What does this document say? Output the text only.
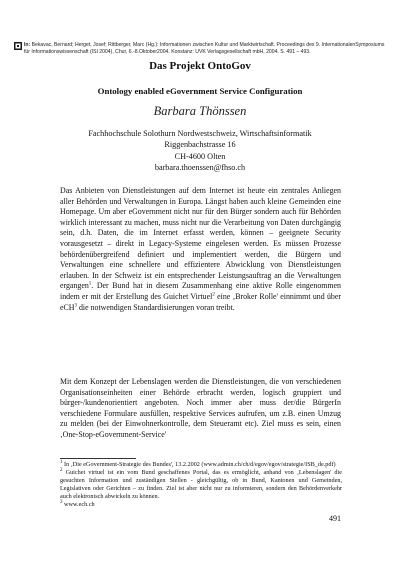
In: Bekavac, Bernard; Herget, Josef; Rittberger, Marc (Hg.): Informationen zwischen Kultur und Marktwirtschaft. Proceedings des 9. InternationalenSymposiums für Informationswissenschaft (ISI 2004), Chur, 6.-8.Oktober2004. Konstanz: UVK Verlagsgesellschaft mbH, 2004. S. 491 – 493.
Das Projekt OntoGov
Ontology enabled eGovernment Service Configuration
Barbara Thönssen
Fachhochschule Solothurn Nordwestschweiz, Wirtschaftsinformatik
Riggenbachstrasse 16
CH-4600 Olten
barbara.thoenssen@fhso.ch
Das Anbieten von Dienstleistungen auf dem Internet ist heute ein zentrales Anliegen aller Behörden und Verwaltungen in Europa. Längst haben auch kleine Gemeinden eine Homepage. Um aber eGovernment nicht nur für den Bürger sondern auch für Behörden wirklich interessant zu machen, muss nicht nur die Verarbeitung von Daten durchgängig sein, d.h. Daten, die im Internet erfasst werden, können – geeignete Security vorausgesetzt – direkt in Legacy-Systeme eingelesen werden. Es müssen Prozesse behördenübergreifend definiert und implementiert werden, die Bürgern und Verwaltungen eine schnellere und effizientere Abwicklung von Dienstleistungen erlauben. In der Schweiz ist ein entsprechender Leistungsauftrag an die Verwaltungen ergangen$^1$. Der Bund hat in diesem Zusammenhang eine aktive Rolle eingenommen indem er mit der Erstellung des Guichet Virtuel$^2$ eine ‚Broker Rolle' einnimmt und über eCH$^3$ die notwendigen Standardisierungen voran treibt.
Mit dem Konzept der Lebenslagen werden die Dienstleistungen, die von verschiedenen Organisationseinheiten einer Behörde erbracht werden, logisch gruppiert und bürger-/kundenorientiert angeboten. Noch immer aber muss der/die BürgerIn verschiedene Formulare ausfüllen, respektive Services aufrufen, um z.B. einen Umzug zu melden (bei der Einwohnerkontrolle, dem Steueramt etc). Ziel muss es sein, einen ‚One-Stop-eGovernment-Service'

$^1$ In ‚Die eGovernment-Strategie des Bundes', 13.2.2002 (www.admin.ch/ch/d/egov/egov/strategie/ISB_de.pdf)

$^2$ Guichet virtuel ist ein vom Bund geschaffenes Portal, das es ermöglicht, anhand von ‚Lebenslagen' die gesuchten Information und zuständigen Stellen - gleichgültig, ob in Bund, Kantonen und Gemeinden, Legislativen oder Gerichten – zu finden. Ziel ist aber nicht nur zu informieren, sondern den Behördenverkehr auch elektronisch abwickeln zu können.

$^3$ www.ech.ch

491
